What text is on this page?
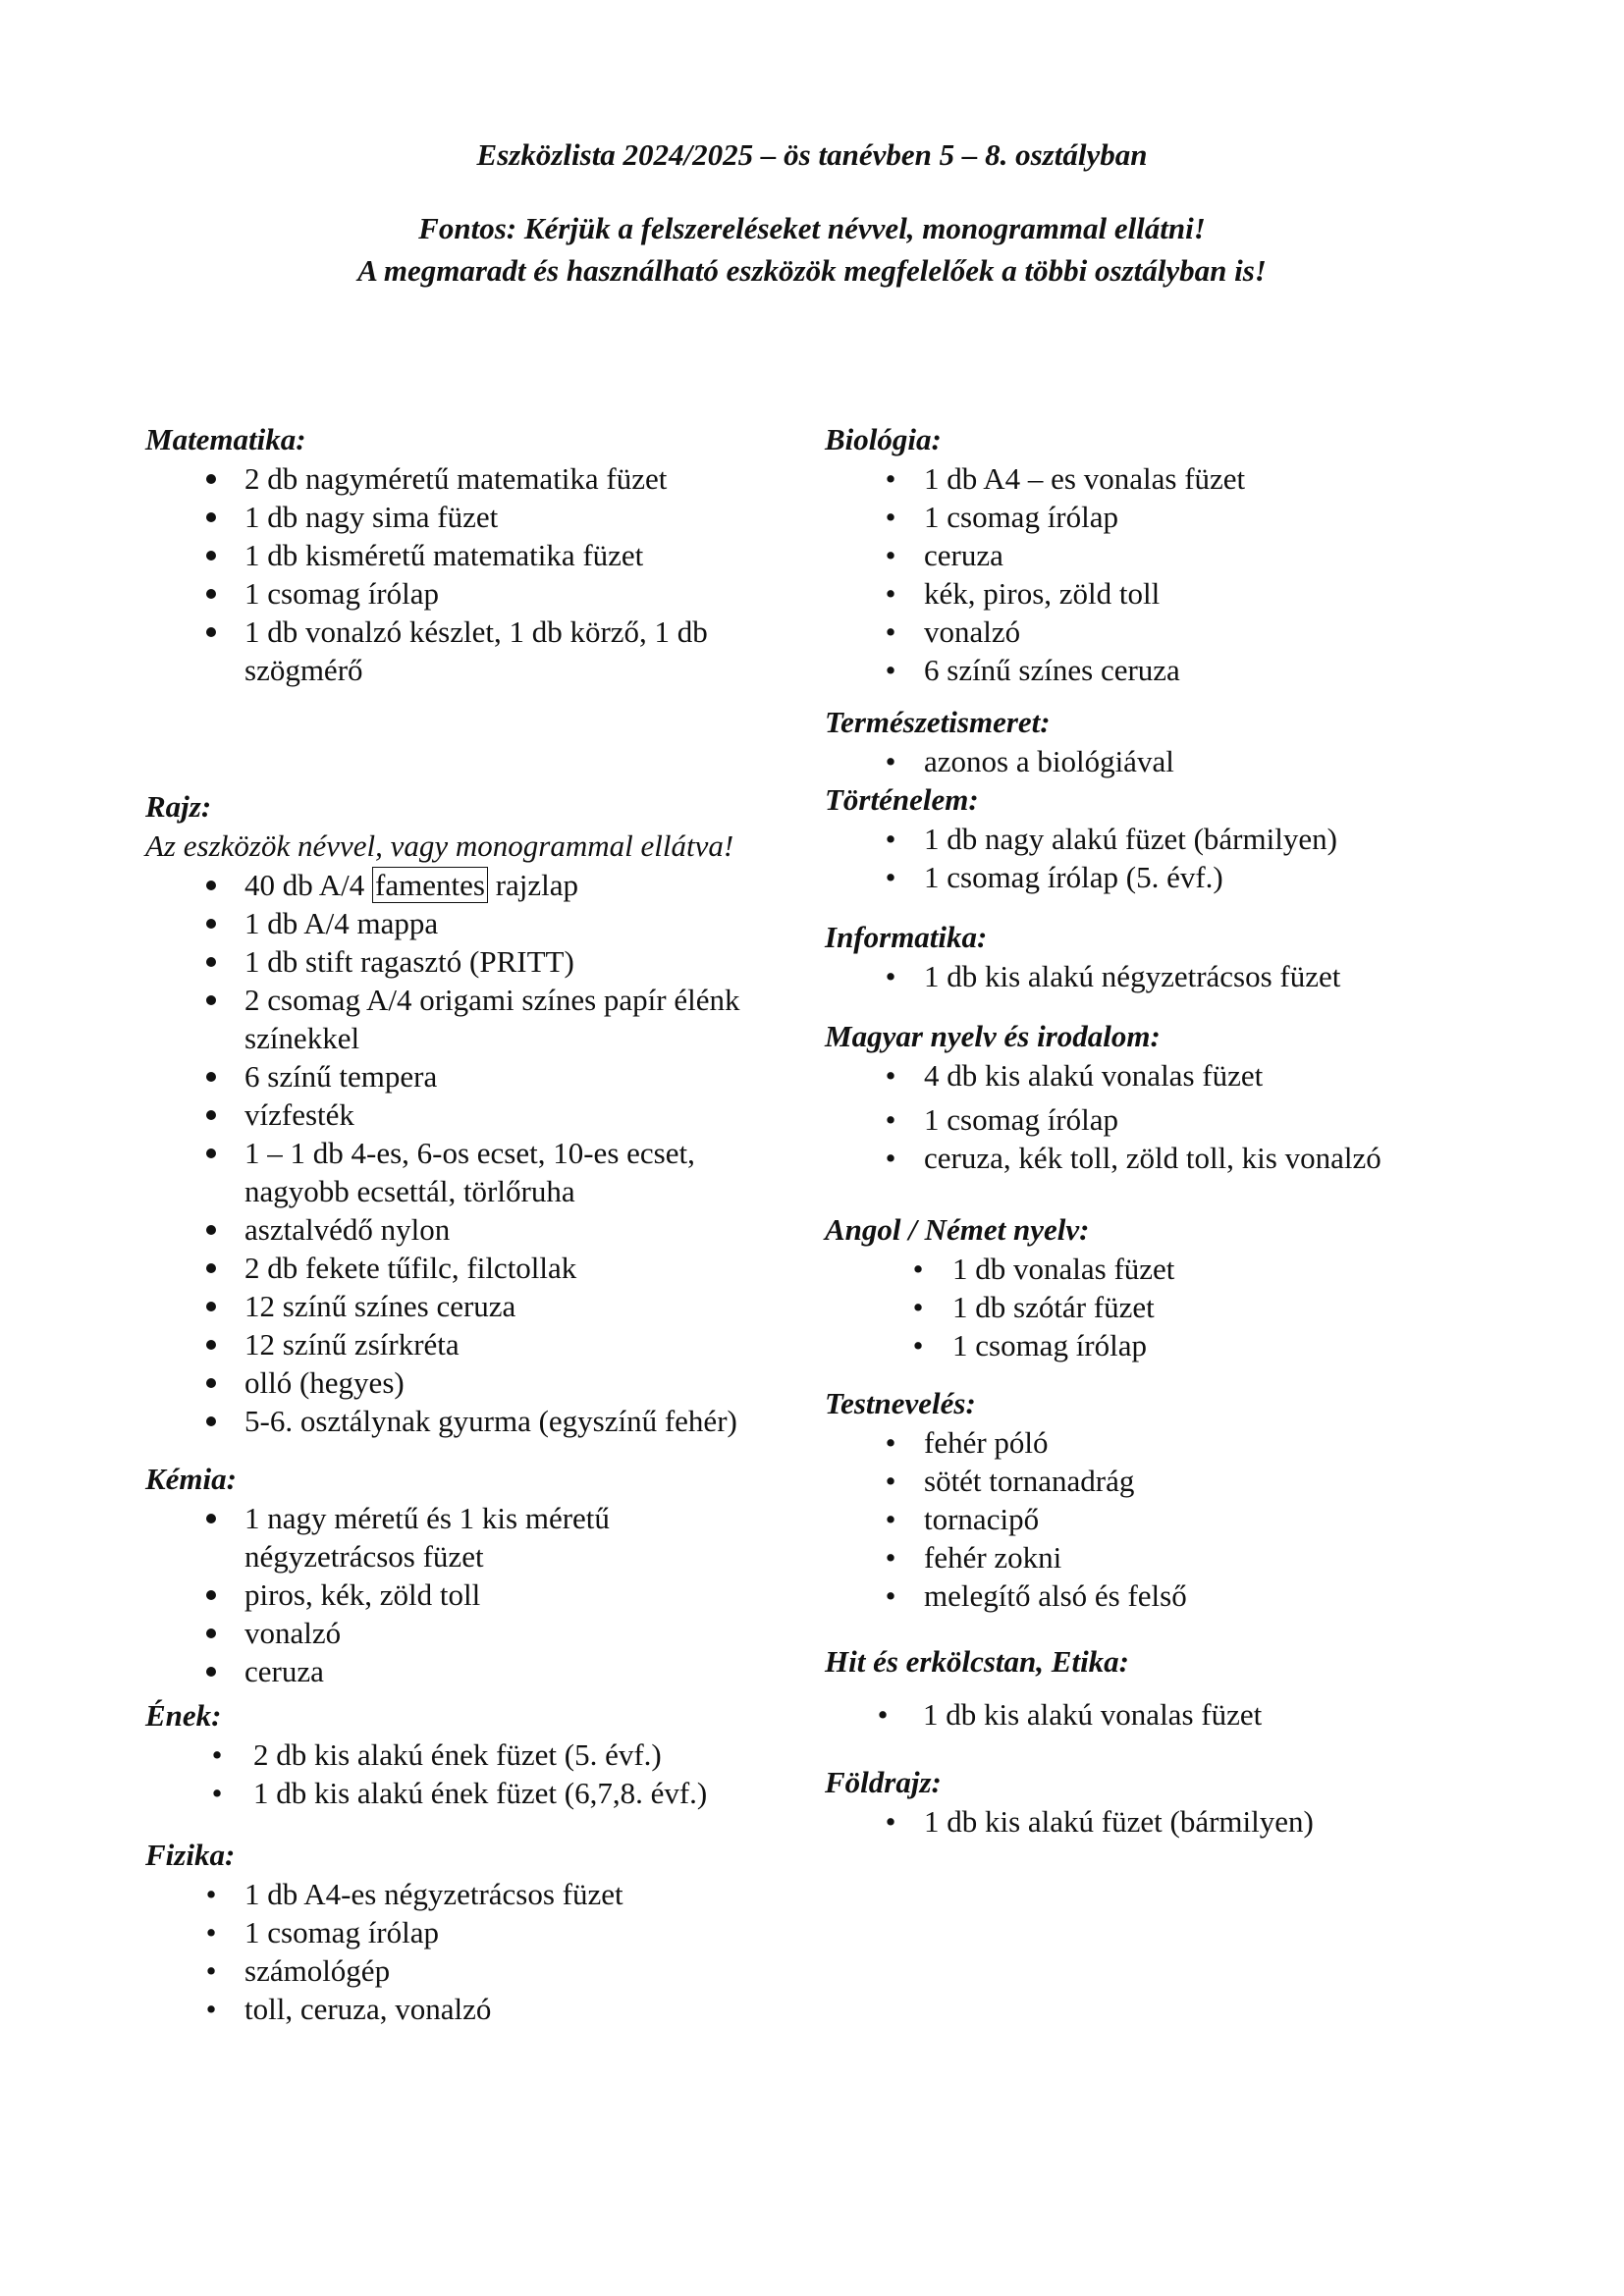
Eszközlista 2024/2025 – ös tanévben 5 – 8. osztályban
Fontos: Kérjük a felszereléseket névvel, monogrammal ellátni!
A megmaradt és használható eszközök megfelelőek a többi osztályban is!
Matematika:
2 db nagyméretű matematika füzet
1 db nagy sima füzet
1 db kisméretű matematika füzet
1 csomag írólap
1 db vonalzó készlet, 1 db körző, 1 db
szögmérő
Rajz:
Az eszközök névvel, vagy monogrammal ellátva!
40 db A/4 famentes rajzlap
1 db A/4 mappa
1 db stift ragasztó (PRITT)
2 csomag A/4 origami színes papír élénk
színekkel
6 színű tempera
vízfesték
1 – 1 db 4-es, 6-os ecset, 10-es ecset,
nagyobb ecsettál, törlőruha
asztalvédő nylon
2 db fekete tűfilc, filctollak
12 színű színes ceruza
12 színű zsírkréta
olló (hegyes)
5-6. osztálynak gyurma (egyszínű fehér)
Kémia:
1 nagy méretű és 1 kis méretű
négyzetrácsos füzet
piros, kék, zöld toll
vonalzó
ceruza
Ének:
•
2 db kis alakú ének füzet (5. évf.)
•
1 db kis alakú ének füzet (6,7,8. évf.)
Fizika:
•
1 db A4-es négyzetrácsos füzet
•
1 csomag írólap
•
számológép
•
toll, ceruza, vonalzó
Biológia:
•
1 db A4 – es vonalas füzet
•
1 csomag írólap
•
ceruza
•
kék, piros, zöld toll
•
vonalzó
•
6 színű színes ceruza
Természetismeret:
•
azonos a biológiával
Történelem:
•
1 db nagy alakú füzet (bármilyen)
•
1 csomag írólap (5. évf.)
Informatika:
•
1 db kis alakú négyzetrácsos füzet
Magyar nyelv és irodalom:
•
4 db kis alakú vonalas füzet
•
1 csomag írólap
•
ceruza, kék toll, zöld toll, kis vonalzó
Angol / Német nyelv:
•
1 db vonalas füzet
•
1 db szótár füzet
•
1 csomag írólap
Testnevelés:
•
fehér póló
•
sötét tornanadrág
•
tornacipő
•
fehér zokni
•
melegítő alsó és felső
Hit és erkölcstan, Etika:
•
1 db kis alakú vonalas füzet
Földrajz:
•
1 db kis alakú füzet (bármilyen)
